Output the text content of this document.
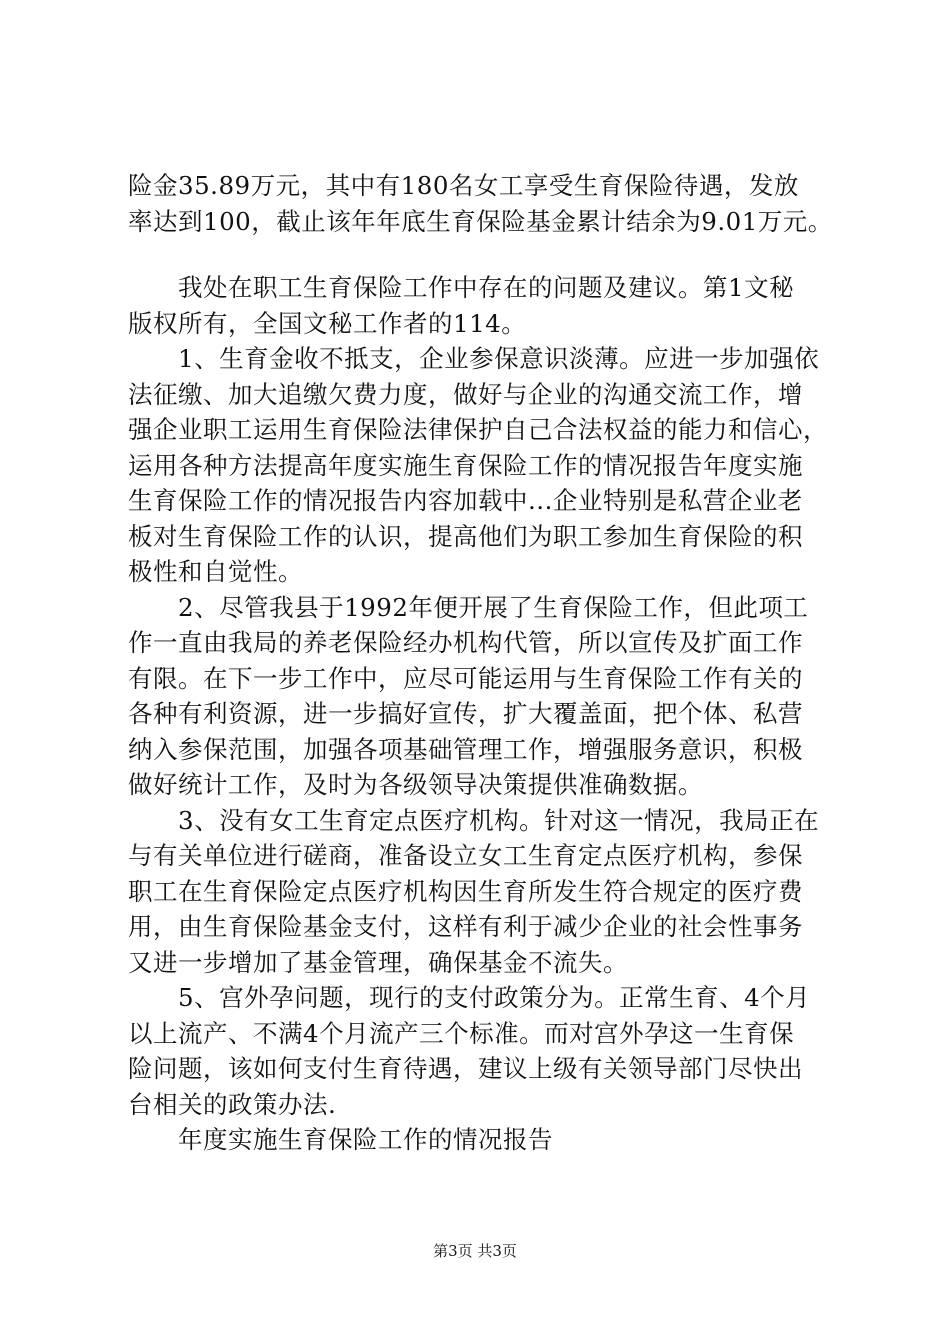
险金35.89万元，其中有180名女工享受生育保险待遇，发放
率达到100，截止该年年底生育保险基金累计结余为9.01万元。
　　我处在职工生育保险工作中存在的问题及建议。第1文秘
版权所有，全国文秘工作者的114。
　　1、生育金收不抵支，企业参保意识淡薄。应进一步加强依
法征缴、加大追缴欠费力度，做好与企业的沟通交流工作，增
强企业职工运用生育保险法律保护自己合法权益的能力和信心，
运用各种方法提高年度实施生育保险工作的情况报告年度实施
生育保险工作的情况报告内容加载中...企业特别是私营企业老
板对生育保险工作的认识，提高他们为职工参加生育保险的积
极性和自觉性。
　　2、尽管我县于1992年便开展了生育保险工作，但此项工
作一直由我局的养老保险经办机构代管，所以宣传及扩面工作
有限。在下一步工作中，应尽可能运用与生育保险工作有关的
各种有利资源，进一步搞好宣传，扩大覆盖面，把个体、私营
纳入参保范围，加强各项基础管理工作，增强服务意识，积极
做好统计工作，及时为各级领导决策提供准确数据。
　　3、没有女工生育定点医疗机构。针对这一情况，我局正在
与有关单位进行磋商，准备设立女工生育定点医疗机构，参保
职工在生育保险定点医疗机构因生育所发生符合规定的医疗费
用，由生育保险基金支付，这样有利于减少企业的社会性事务
又进一步增加了基金管理，确保基金不流失。
　　5、宫外孕问题，现行的支付政策分为。正常生育、4个月
以上流产、不满4个月流产三个标准。而对宫外孕这一生育保
险问题，该如何支付生育待遇，建议上级有关领导部门尽快出
台相关的政策办法.
　　年度实施生育保险工作的情况报告
第3页 共3页
